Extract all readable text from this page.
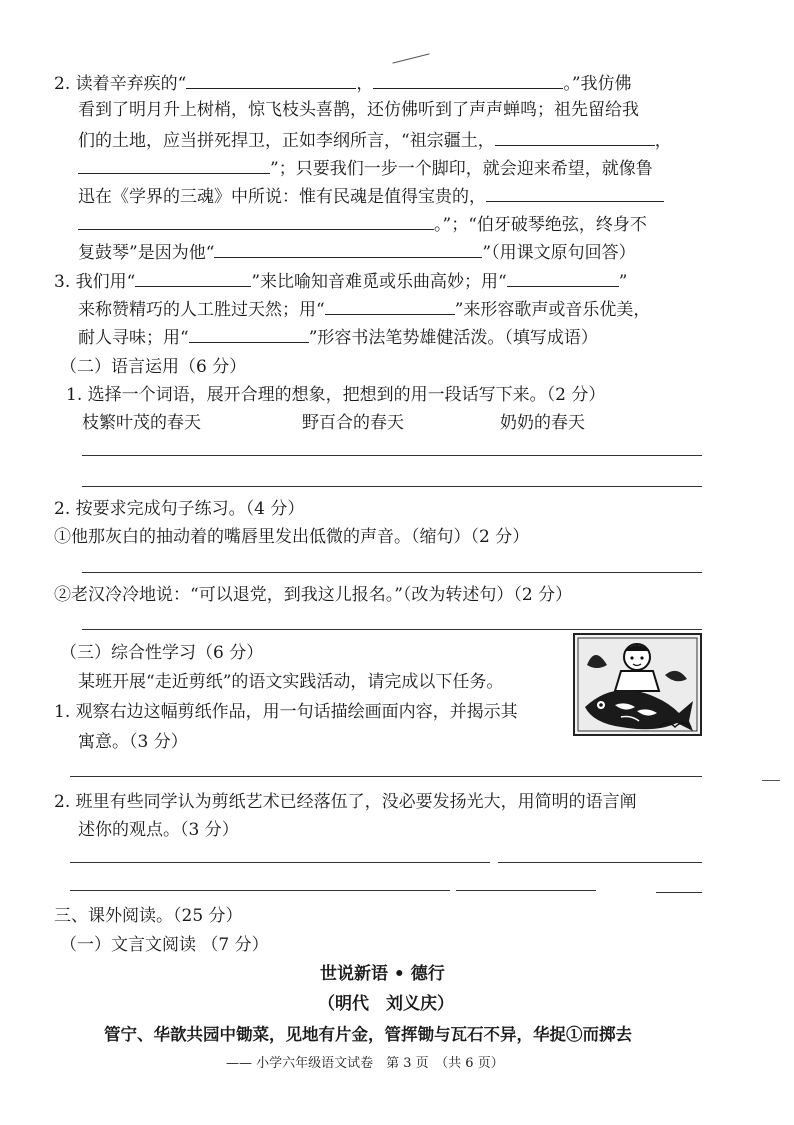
2. 读着辛弃疾的“	，	。”我仿佛
看到了明月升上树梢，惊飞枝头喜鹊，还仿佛听到了声声蝉鸣；祖先留给我
们的土地，应当拼死捍卫，正如李纲所言，“祖宗疆土，	，
”；只要我们一步一个脚印，就会迎来希望，就像鲁
迅在《学界的三魂》中所说：惟有民魂是值得宝贵的，
。”；“伯牙破琴绝弦，终身不
复鼓琴”是因为他“	”（用课文原句回答）
3. 我们用“	”来比喻知音难觅或乐曲高妙；用“	”
来称赞精巧的人工胜过天然；用“	”来形容歌声或音乐优美，
耐人寻味；用“	”形容书法笔势雄健活泼。（填写成语）
（二）语言运用（6 分）
1. 选择一个词语，展开合理的想象，把想到的用一段话写下来。（2 分）
枝繁叶茂的春天	野百合的春天	奶奶的春天
2. 按要求完成句子练习。（4 分）
①他那灰白的抽动着的嘴唇里发出低微的声音。（缩句）（2 分）
②老汉冷冷地说：“可以退党，到我这儿报名。”（改为转述句）（2 分）
（三）综合性学习（6 分）
某班开展“走近剪纸”的语文实践活动，请完成以下任务。
1. 观察右边这幅剪纸作品，用一句话描绘画面内容，并揭示其
寓意。（3 分）
2. 班里有些同学认为剪纸艺术已经落伍了，没必要发扬光大，用简明的语言阐
述你的观点。（3 分）
三、课外阅读。（25 分）
（一）文言文阅读 （7 分）
世说新语 • 德行
（明代　刘义庆）
管宁、华歆共园中锄菜，见地有片金，管挥锄与瓦石不异，华捉①而掷去
—— 小学六年级语文试卷　第 3 页　（共 6 页）
